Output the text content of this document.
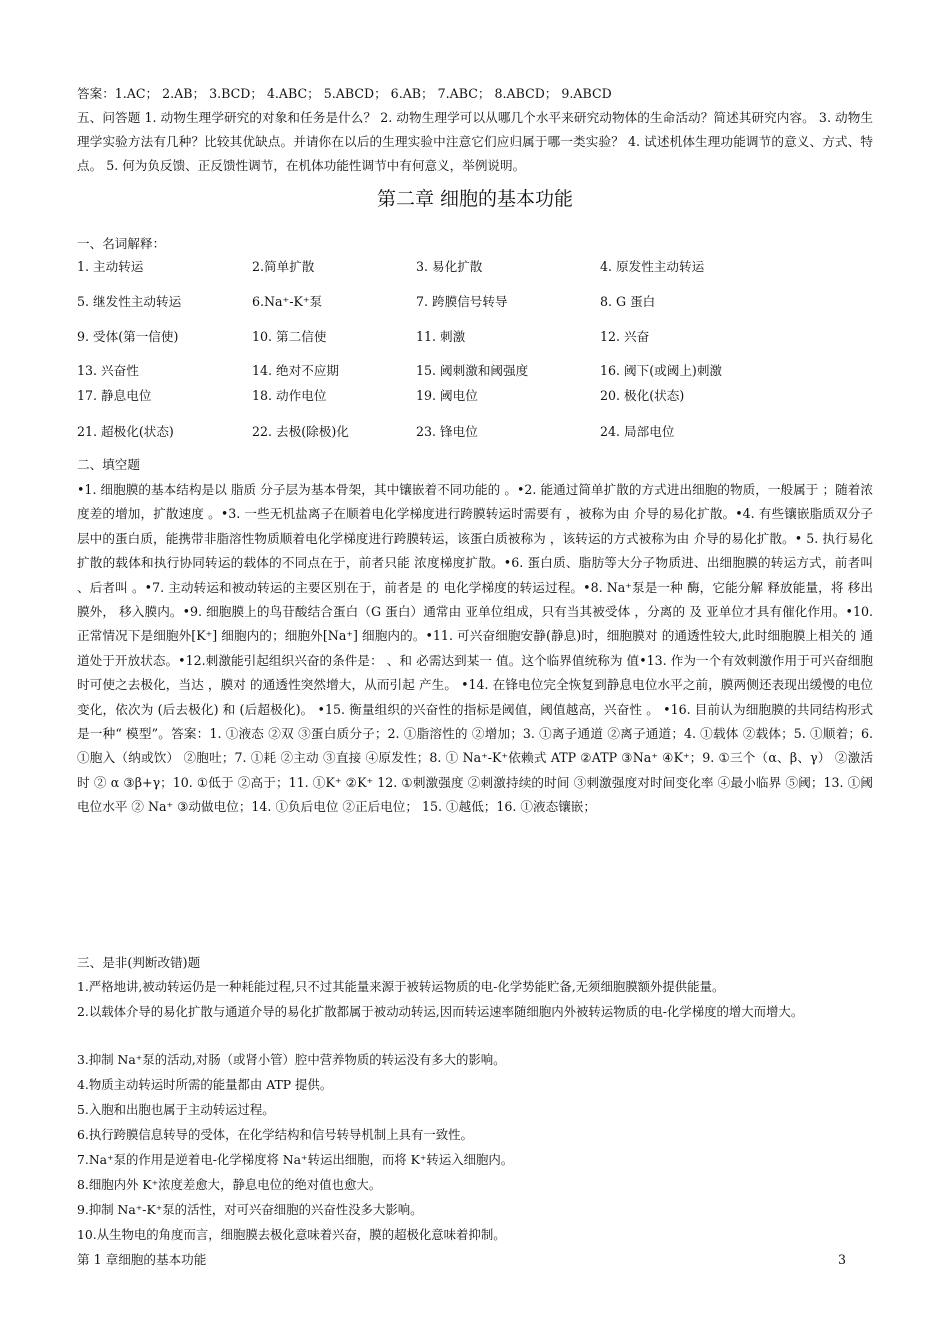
答案：1.AC； 2.AB； 3.BCD； 4.ABC； 5.ABCD； 6.AB； 7.ABC； 8.ABCD； 9.ABCD

五、问答题 1. 动物生理学研究的对象和任务是什么？ 2. 动物生理学可以从哪几个水平来研究动物体的生命活动？简述其研究内容。 3. 动物生理学实验方法有几种？比较其优缺点。并请你在以后的生理实验中注意它们应归属于哪一类实验？ 4. 试述机体生理功能调节的意义、方式、特点。 5. 何为负反馈、正反馈性调节，在机体功能性调节中有何意义，举例说明。

第二章 细胞的基本功能

一、名词解释：

1. 主动转运	2.简单扩散	3. 易化扩散	4. 原发性主动转运
5. 继发性主动转运	6.Na⁺-K⁺泵	7. 跨膜信号转导	8. G 蛋白
9. 受体(第一信使)	10. 第二信使	11. 刺激	12. 兴奋
13. 兴奋性	14. 绝对不应期	15. 阈刺激和阈强度	16. 阈下(或阈上)刺激
17. 静息电位	18. 动作电位	19. 阈电位	20. 极化(状态)
21. 超极化(状态)	22. 去极(除极)化	23. 锋电位	24. 局部电位

二、填空题

•1. 细胞膜的基本结构是以 脂质 分子层为基本骨架，其中镶嵌着不同功能的 。•2. 能通过简单扩散的方式进出细胞的物质，一般属于 ；随着浓度差的增加，扩散速度 。•3. 一些无机盐离子在顺着电化学梯度进行跨膜转运时需要有 ，被称为由 介导的易化扩散。•4. 有些镶嵌脂质双分子层中的蛋白质，能携带非脂溶性物质顺着电化学梯度进行跨膜转运，该蛋白质被称为 ，该转运的方式被称为由 介导的易化扩散。• 5. 执行易化扩散的载体和执行协同转运的载体的不同点在于，前者只能 浓度梯度扩散。•6. 蛋白质、脂肪等大分子物质进、出细胞膜的转运方式，前者叫 、后者叫 。•7. 主动转运和被动转运的主要区别在于，前者是 的 电化学梯度的转运过程。•8. Na⁺泵是一种 酶，它能分解 释放能量，将 移出膜外， 移入膜内。•9. 细胞膜上的鸟苷酸结合蛋白（G 蛋白）通常由 亚单位组成，只有当其被受体 ，分离的 及 亚单位才具有催化作用。•10. 正常情况下是细胞外[K⁺] 细胞内的；细胞外[Na⁺] 细胞内的。•11. 可兴奋细胞安静(静息)时，细胞膜对 的通透性较大,此时细胞膜上相关的 通道处于开放状态。•12.刺激能引起组织兴奋的条件是： 、和 必需达到某一 值。这个临界值统称为 值•13. 作为一个有效刺激作用于可兴奋细胞时可使之去极化，当达 ，膜对 的通透性突然增大，从而引起 产生。 •14. 在锋电位完全恢复到静息电位水平之前，膜两侧还表现出缓慢的电位变化，依次为 (后去极化) 和 (后超极化)。 •15. 衡量组织的兴奋性的指标是阈值，阈值越高，兴奋性 。 •16. 目前认为细胞膜的共同结构形式是一种“ 模型”。答案：1. ①液态 ②双 ③蛋白质分子；2. ①脂溶性的 ②增加；3. ①离子通道 ②离子通道；4. ①载体 ②载体；5. ①顺着；6. ①胞入（纳或饮） ②胞吐；7. ①耗 ②主动 ③直接 ④原发性；8. ① Na⁺-K⁺依赖式 ATP ②ATP ③Na⁺ ④K⁺；9. ①三个（α、β、γ） ②激活时 ② α ③β+γ；10. ①低于 ②高于；11. ①K⁺ ②K⁺ 12. ①刺激强度 ②刺激持续的时间 ③刺激强度对时间变化率 ④最小临界 ⑤阈；13. ①阈电位水平 ② Na⁺ ③动做电位；14. ①负后电位 ②正后电位； 15. ①越低；16. ①液态镶嵌；

三、是非(判断改错)题

1.严格地讲,被动转运仍是一种耗能过程,只不过其能量来源于被转运物质的电-化学势能贮备,无须细胞膜额外提供能量。

2.以载体介导的易化扩散与通道介导的易化扩散都属于被动动转运,因而转运速率随细胞内外被转运物质的电-化学梯度的增大而增大。

3.抑制 Na⁺泵的活动,对肠（或肾小管）腔中营养物质的转运没有多大的影响。

4.物质主动转运时所需的能量都由 ATP 提供。

5.入胞和出胞也属于主动转运过程。

6.执行跨膜信息转导的受体，在化学结构和信号转导机制上具有一致性。

7.Na⁺泵的作用是逆着电-化学梯度将 Na⁺转运出细胞，而将 K⁺转运入细胞内。

8.细胞内外 K⁺浓度差愈大，静息电位的绝对值也愈大。

9.抑制 Na⁺-K⁺泵的活性，对可兴奋细胞的兴奋性没多大影响。

10.从生物电的角度而言，细胞膜去极化意味着兴奋，膜的超极化意味着抑制。

第 1 章细胞的基本功能	3
